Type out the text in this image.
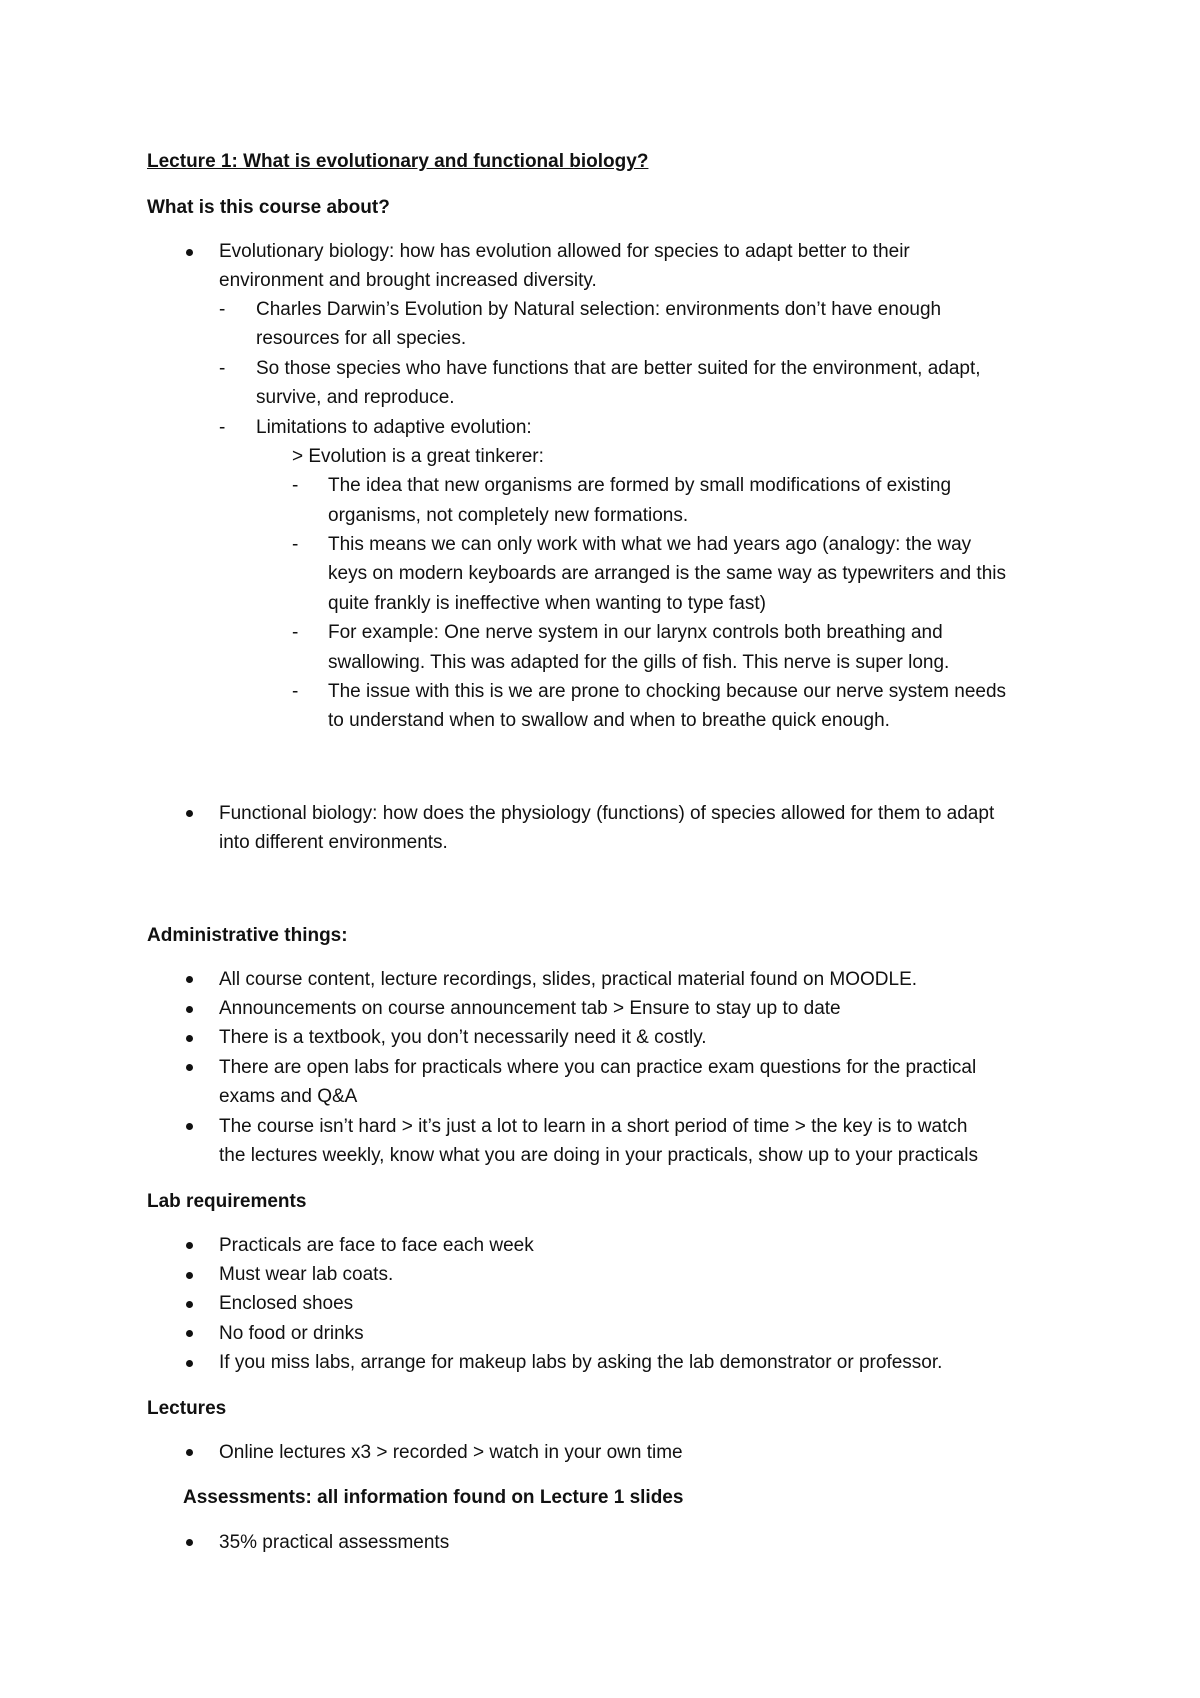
Lecture 1: What is evolutionary and functional biology?
What is this course about?
Evolutionary biology: how has evolution allowed for species to adapt better to their
environment and brought increased diversity.
- Charles Darwin’s Evolution by Natural selection: environments don’t have enough
resources for all species.
- So those species who have functions that are better suited for the environment, adapt,
survive, and reproduce.
- Limitations to adaptive evolution:
> Evolution is a great tinkerer:
- The idea that new organisms are formed by small modifications of existing
organisms, not completely new formations.
- This means we can only work with what we had years ago (analogy: the way
keys on modern keyboards are arranged is the same way as typewriters and this
quite frankly is ineffective when wanting to type fast)
- For example: One nerve system in our larynx controls both breathing and
swallowing. This was adapted for the gills of fish. This nerve is super long.
- The issue with this is we are prone to chocking because our nerve system needs
to understand when to swallow and when to breathe quick enough.
Functional biology: how does the physiology (functions) of species allowed for them to adapt
into different environments.
Administrative things:
All course content, lecture recordings, slides, practical material found on MOODLE.
Announcements on course announcement tab > Ensure to stay up to date
There is a textbook, you don’t necessarily need it & costly.
There are open labs for practicals where you can practice exam questions for the practical
exams and Q&A
The course isn’t hard > it’s just a lot to learn in a short period of time > the key is to watch
the lectures weekly, know what you are doing in your practicals, show up to your practicals
Lab requirements
Practicals are face to face each week
Must wear lab coats.
Enclosed shoes
No food or drinks
If you miss labs, arrange for makeup labs by asking the lab demonstrator or professor.
Lectures
Online lectures x3 > recorded > watch in your own time
Assessments: all information found on Lecture 1 slides
35% practical assessments
